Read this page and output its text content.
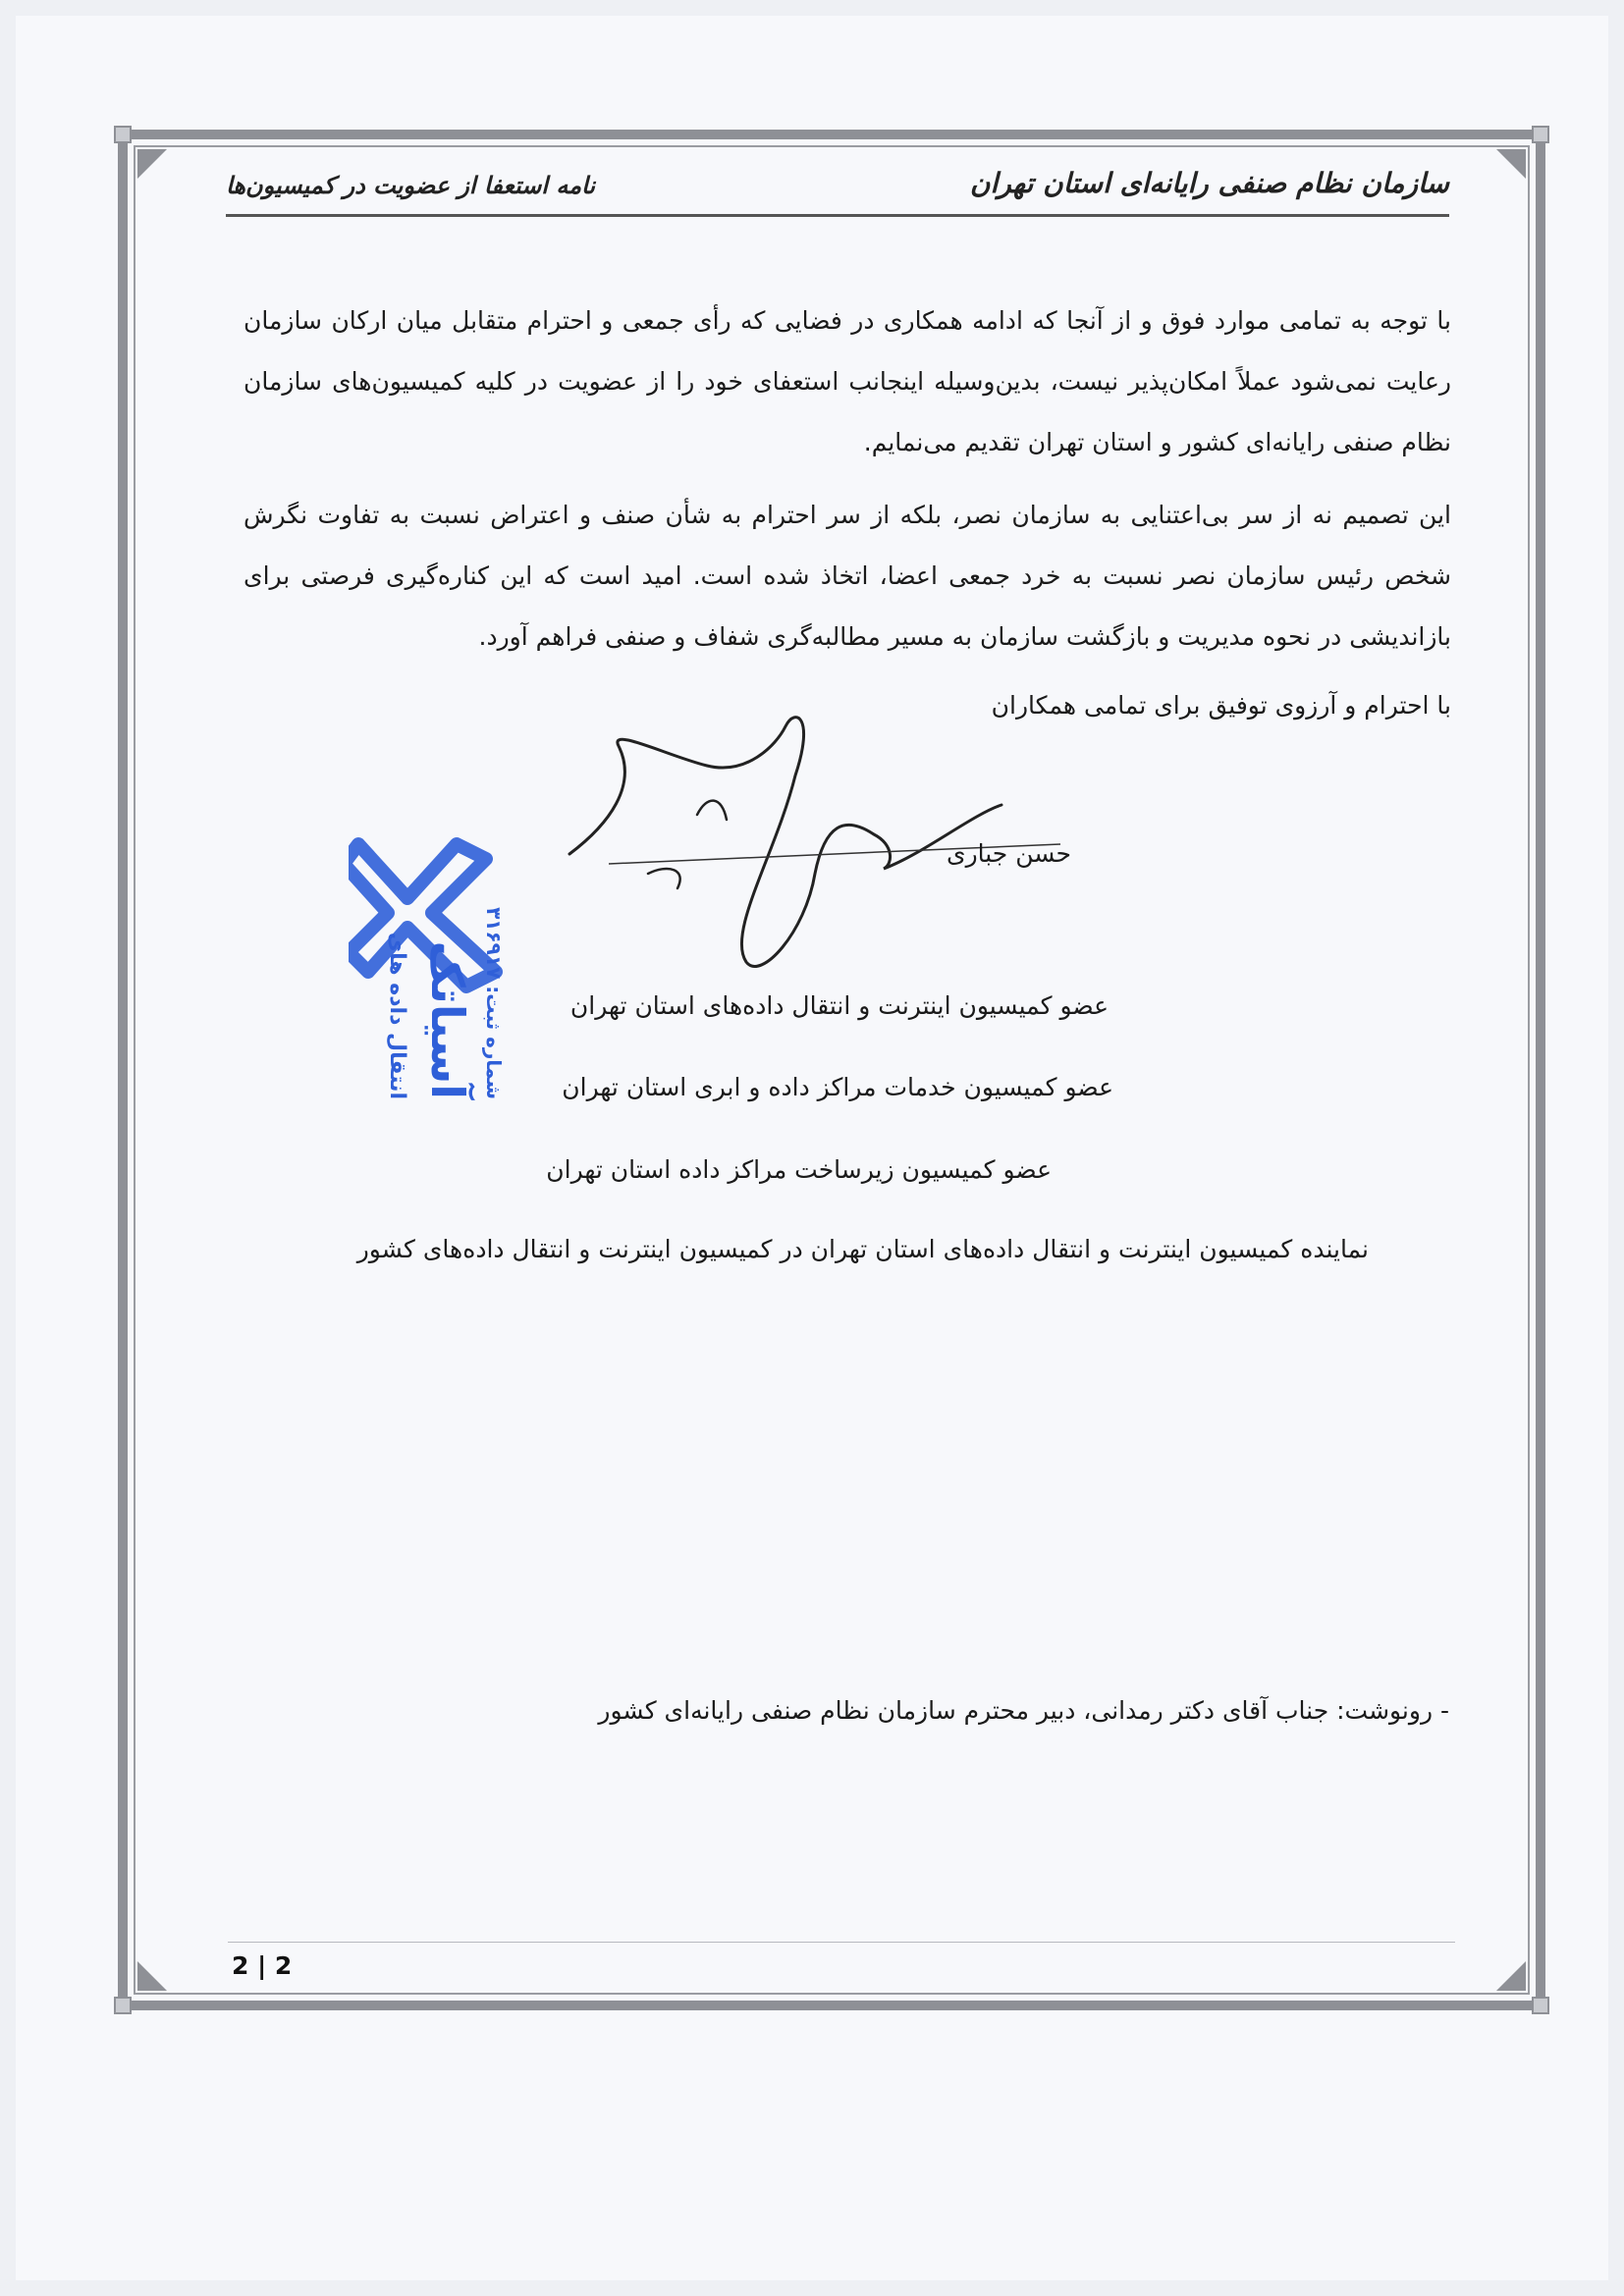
سازمان نظام صنفی رایانه‌ای استان تهران
نامه استعفا از عضویت در کمیسیون‌ها
با توجه به تمامی موارد فوق و از آنجا که ادامه همکاری در فضایی که رأی جمعی و احترام متقابل میان ارکان سازمان رعایت نمی‌شود عملاً امکان‌پذیر نیست، بدین‌وسیله اینجانب استعفای خود را از عضویت در کلیه کمیسیون‌های سازمان نظام صنفی رایانه‌ای کشور و استان تهران تقدیم می‌نمایم.
این تصمیم نه از سر بی‌اعتنایی به سازمان نصر، بلکه از سر احترام به شأن صنف و اعتراض نسبت به تفاوت نگرش شخص رئیس سازمان نصر نسبت به خرد جمعی اعضا، اتخاذ شده است. امید است که این کناره‌گیری فرصتی برای بازاندیشی در نحوه مدیریت و بازگشت سازمان به مسیر مطالبه‌گری شفاف و صنفی فراهم آورد.
با احترام و آرزوی توفیق برای تمامی همکاران
انتقال داده های آسیاتک شماره ثبت: ۳۱۶۹۱۷
حسن جباری
عضو کمیسیون اینترنت و انتقال داده‌های استان تهران
عضو کمیسیون خدمات مراکز داده و ابری استان تهران
عضو کمیسیون زیرساخت مراکز داده استان تهران
نماینده کمیسیون اینترنت و انتقال داده‌های استان تهران در کمیسیون اینترنت و انتقال داده‌های کشور
- رونوشت: جناب آقای دکتر رمدانی، دبیر محترم سازمان نظام صنفی رایانه‌ای کشور
2 | 2
